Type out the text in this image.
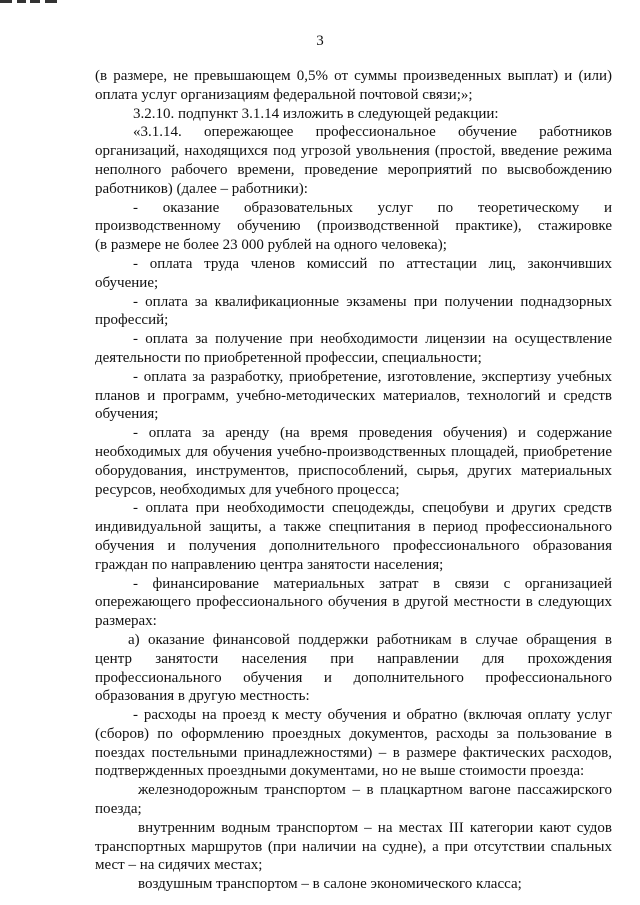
3
(в размере, не превышающем 0,5% от суммы произведенных выплат) и (или)
оплата услуг организациям федеральной почтовой связи;»;
3.2.10. подпункт 3.1.14 изложить в следующей редакции:
«3.1.14. опережающее профессиональное обучение работников
организаций, находящихся под угрозой увольнения (простой, введение режима
неполного рабочего времени, проведение мероприятий по высвобождению
работников) (далее – работники):
- оказание образовательных услуг по теоретическому и
производственному обучению (производственной практике), стажировке
(в размере не более 23 000 рублей на одного человека);
- оплата труда членов комиссий по аттестации лиц, закончивших
обучение;
- оплата за квалификационные экзамены при получении поднадзорных
профессий;
- оплата за получение при необходимости лицензии на осуществление
деятельности по приобретенной профессии, специальности;
- оплата за разработку, приобретение, изготовление, экспертизу учебных
планов и программ, учебно-методических материалов, технологий и средств
обучения;
- оплата за аренду (на время проведения обучения) и содержание
необходимых для обучения учебно-производственных площадей, приобретение
оборудования, инструментов, приспособлений, сырья, других материальных
ресурсов, необходимых для учебного процесса;
- оплата при необходимости спецодежды, спецобуви и других средств
индивидуальной защиты, а также спецпитания в период профессионального
обучения и получения дополнительного профессионального образования
граждан по направлению центра занятости населения;
- финансирование материальных затрат в связи с организацией
опережающего профессионального обучения в другой местности в следующих
размерах:
а) оказание финансовой поддержки работникам в случае обращения в
центр занятости населения при направлении для прохождения
профессионального обучения и дополнительного профессионального
образования в другую местность:
- расходы на проезд к месту обучения и обратно (включая оплату услуг
(сборов) по оформлению проездных документов, расходы за пользование в
поездах постельными принадлежностями) – в размере фактических расходов,
подтвержденных проездными документами, но не выше стоимости проезда:
железнодорожным транспортом – в плацкартном вагоне пассажирского
поезда;
внутренним водным транспортом – на местах III категории кают судов
транспортных маршрутов (при наличии на судне), а при отсутствии спальных
мест – на сидячих местах;
воздушным транспортом – в салоне экономического класса;
